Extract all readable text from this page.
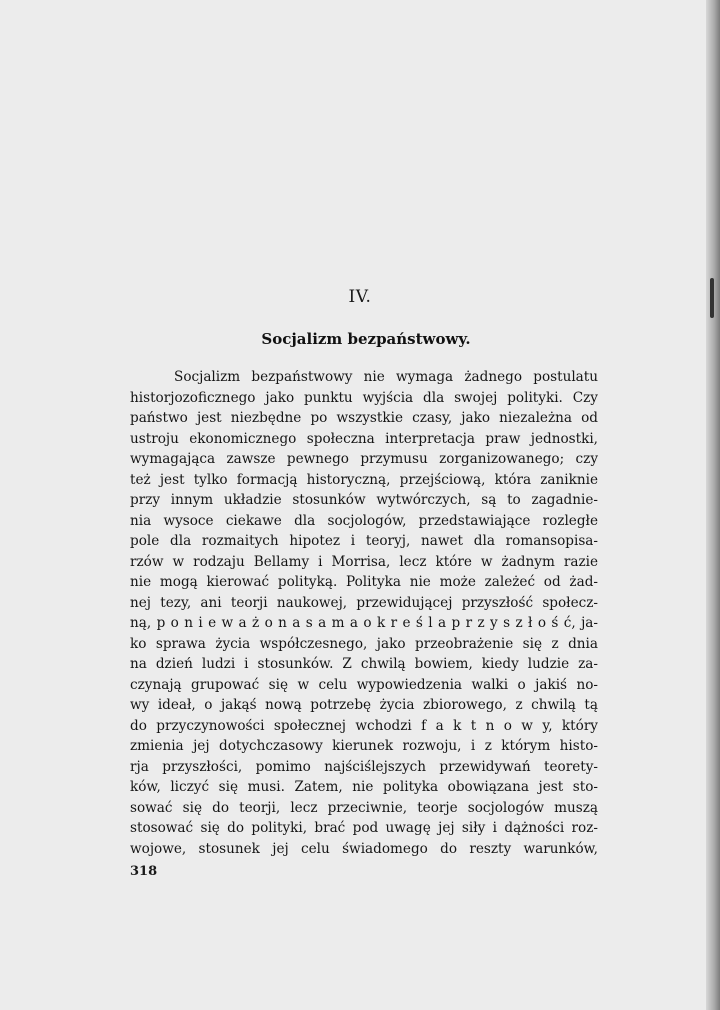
IV.
Socjalizm bezpaństwowy.
Socjalizm bezpaństwowy nie wymaga żadnego postulatu
historjozoficznego jako punktu wyjścia dla swojej polityki. Czy
państwo jest niezbędne po wszystkie czasy, jako niezależna od
ustroju ekonomicznego społeczna interpretacja praw jednostki,
wymagająca zawsze pewnego przymusu zorganizowanego; czy
też jest tylko formacją historyczną, przejściową, która zaniknie
przy innym układzie stosunków wytwórczych, są to zagadnie-
nia wysoce ciekawe dla socjologów, przedstawiające rozległe
pole dla rozmaitych hipotez i teoryj, nawet dla romansopisa-
rzów w rodzaju Bellamy i Morrisa, lecz które w żadnym razie
nie mogą kierować polityką. Polityka nie może zależeć od żad-
nej tezy, ani teorji naukowej, przewidującej przyszłość społecz-
ną, p o n i e w a ż o n a s a m a o k r e ś l a p r z y s z ł o ś ć, ja-
ko sprawa życia współczesnego, jako przeobrażenie się z dnia
na dzień ludzi i stosunków. Z chwilą bowiem, kiedy ludzie za-
czynają grupować się w celu wypowiedzenia walki o jakiś no-
wy ideał, o jakąś nową potrzebę życia zbiorowego, z chwilą tą
do przyczynowości społecznej wchodzi f a k t n o w y, który
zmienia jej dotychczasowy kierunek rozwoju, i z którym histo-
rja przyszłości, pomimo najściślejszych przewidywań teorety-
ków, liczyć się musi. Zatem, nie polityka obowiązana jest sto-
sować się do teorji, lecz przeciwnie, teorje socjologów muszą
stosować się do polityki, brać pod uwagę jej siły i dążności roz-
wojowe, stosunek jej celu świadomego do reszty warunków,
318
